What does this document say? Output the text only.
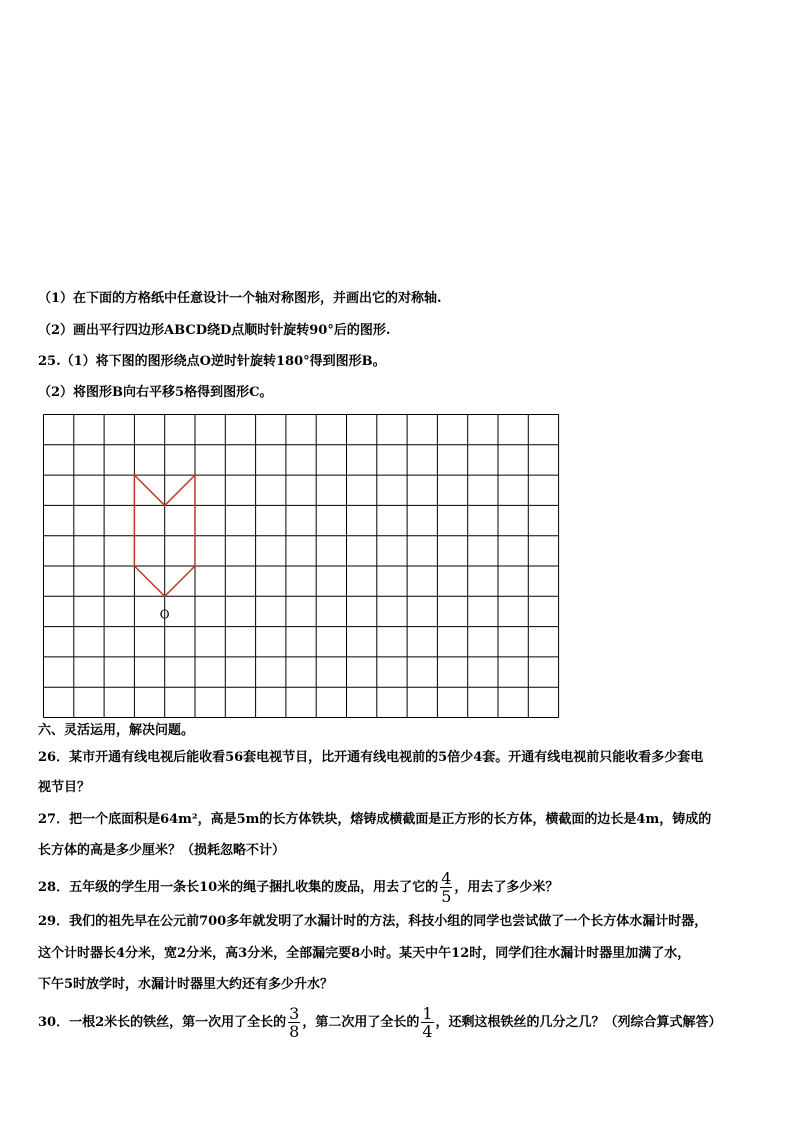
（1）在下面的方格纸中任意设计一个轴对称图形，并画出它的对称轴.
（2）画出平行四边形ABCD绕D点顺时针旋转90°后的图形.
25.（1）将下图的图形绕点O逆时针旋转180°得到图形B。
（2）将图形B向右平移5格得到图形C。
O
六、灵活运用，解决问题。
26．某市开通有线电视后能收看56套电视节目，比开通有线电视前的5倍少4套。开通有线电视前只能收看多少套电
视节目？
27．把一个底面积是64m²，高是5m的长方体铁块，熔铸成横截面是正方形的长方体，横截面的边长是4m，铸成的
长方体的高是多少厘米？（损耗忽略不计）
28．五年级的学生用一条长10米的绳子捆扎收集的废品，用去了它的 $\frac{4}{5}$ ，用去了多少米？
29．我们的祖先早在公元前700多年就发明了水漏计时的方法，科技小组的同学也尝试做了一个长方体水漏计时器，
这个计时器长4分米，宽2分米，高3分米，全部漏完要8小时。某天中午12时，同学们往水漏计时器里加满了水，
下午5时放学时，水漏计时器里大约还有多少升水？
30．一根2米长的铁丝，第一次用了全长的 $\frac{3}{8}$ ，第二次用了全长的 $\frac{1}{4}$ ，还剩这根铁丝的几分之几？（列综合算式解答）
